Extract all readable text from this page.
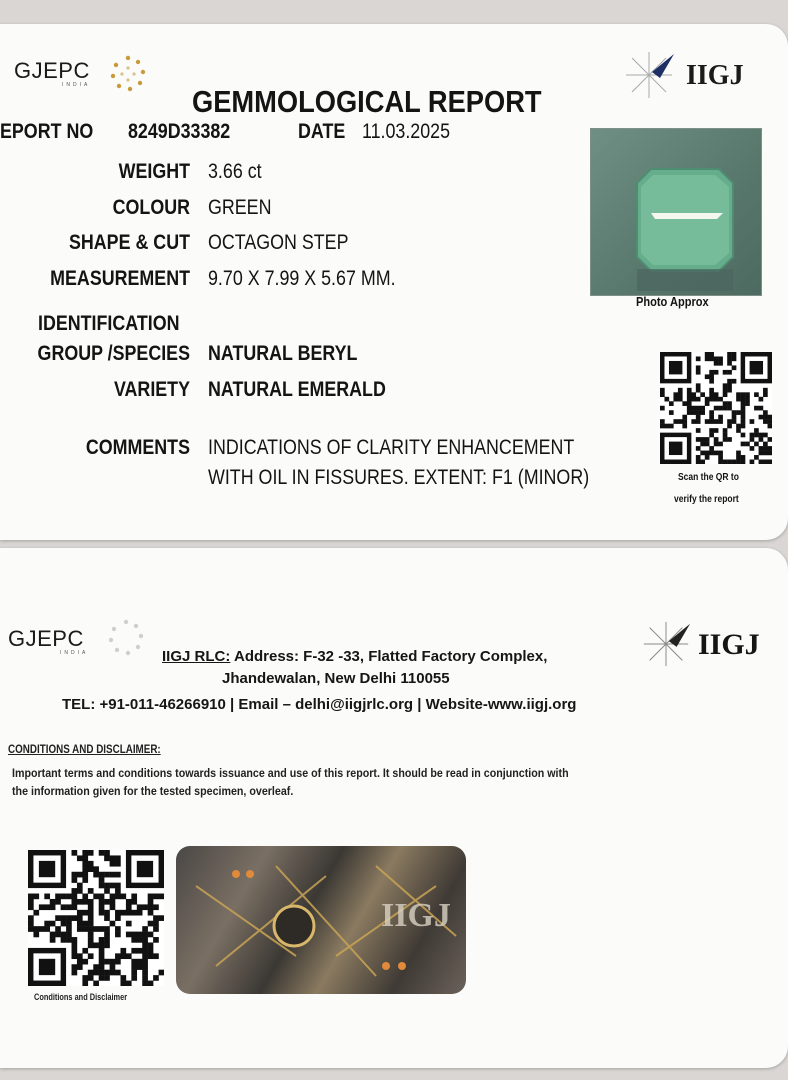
GJEPC
INDIA	IIGJ
GEMMOLOGICAL REPORT
EPORT NO 8249D33382	DATE 11.03.2025
WEIGHT 3.66 ct
COLOUR GREEN
SHAPE & CUT OCTAGON STEP
MEASUREMENT 9.70 X 7.99 X 5.67 MM.
IDENTIFICATION
GROUP /SPECIES NATURAL BERYL
VARIETY NATURAL EMERALD
COMMENTS INDICATIONS OF CLARITY ENHANCEMENT
WITH OIL IN FISSURES. EXTENT: F1 (MINOR)
Photo Approx
Scan the QR to
verify the report
GJEPC
INDIA	IIGJ
IIGJ RLC: Address: F-32 -33, Flatted Factory Complex,
Jhandewalan, New Delhi 110055
TEL: +91-011-46266910 | Email – delhi@iigjrlc.org | Website-www.iigj.org
CONDITIONS AND DISCLAIMER:
Important terms and conditions towards issuance and use of this report. It should be read in conjunction with
the information given for the tested specimen, overleaf.
Conditions and Disclaimer
IIGJ
